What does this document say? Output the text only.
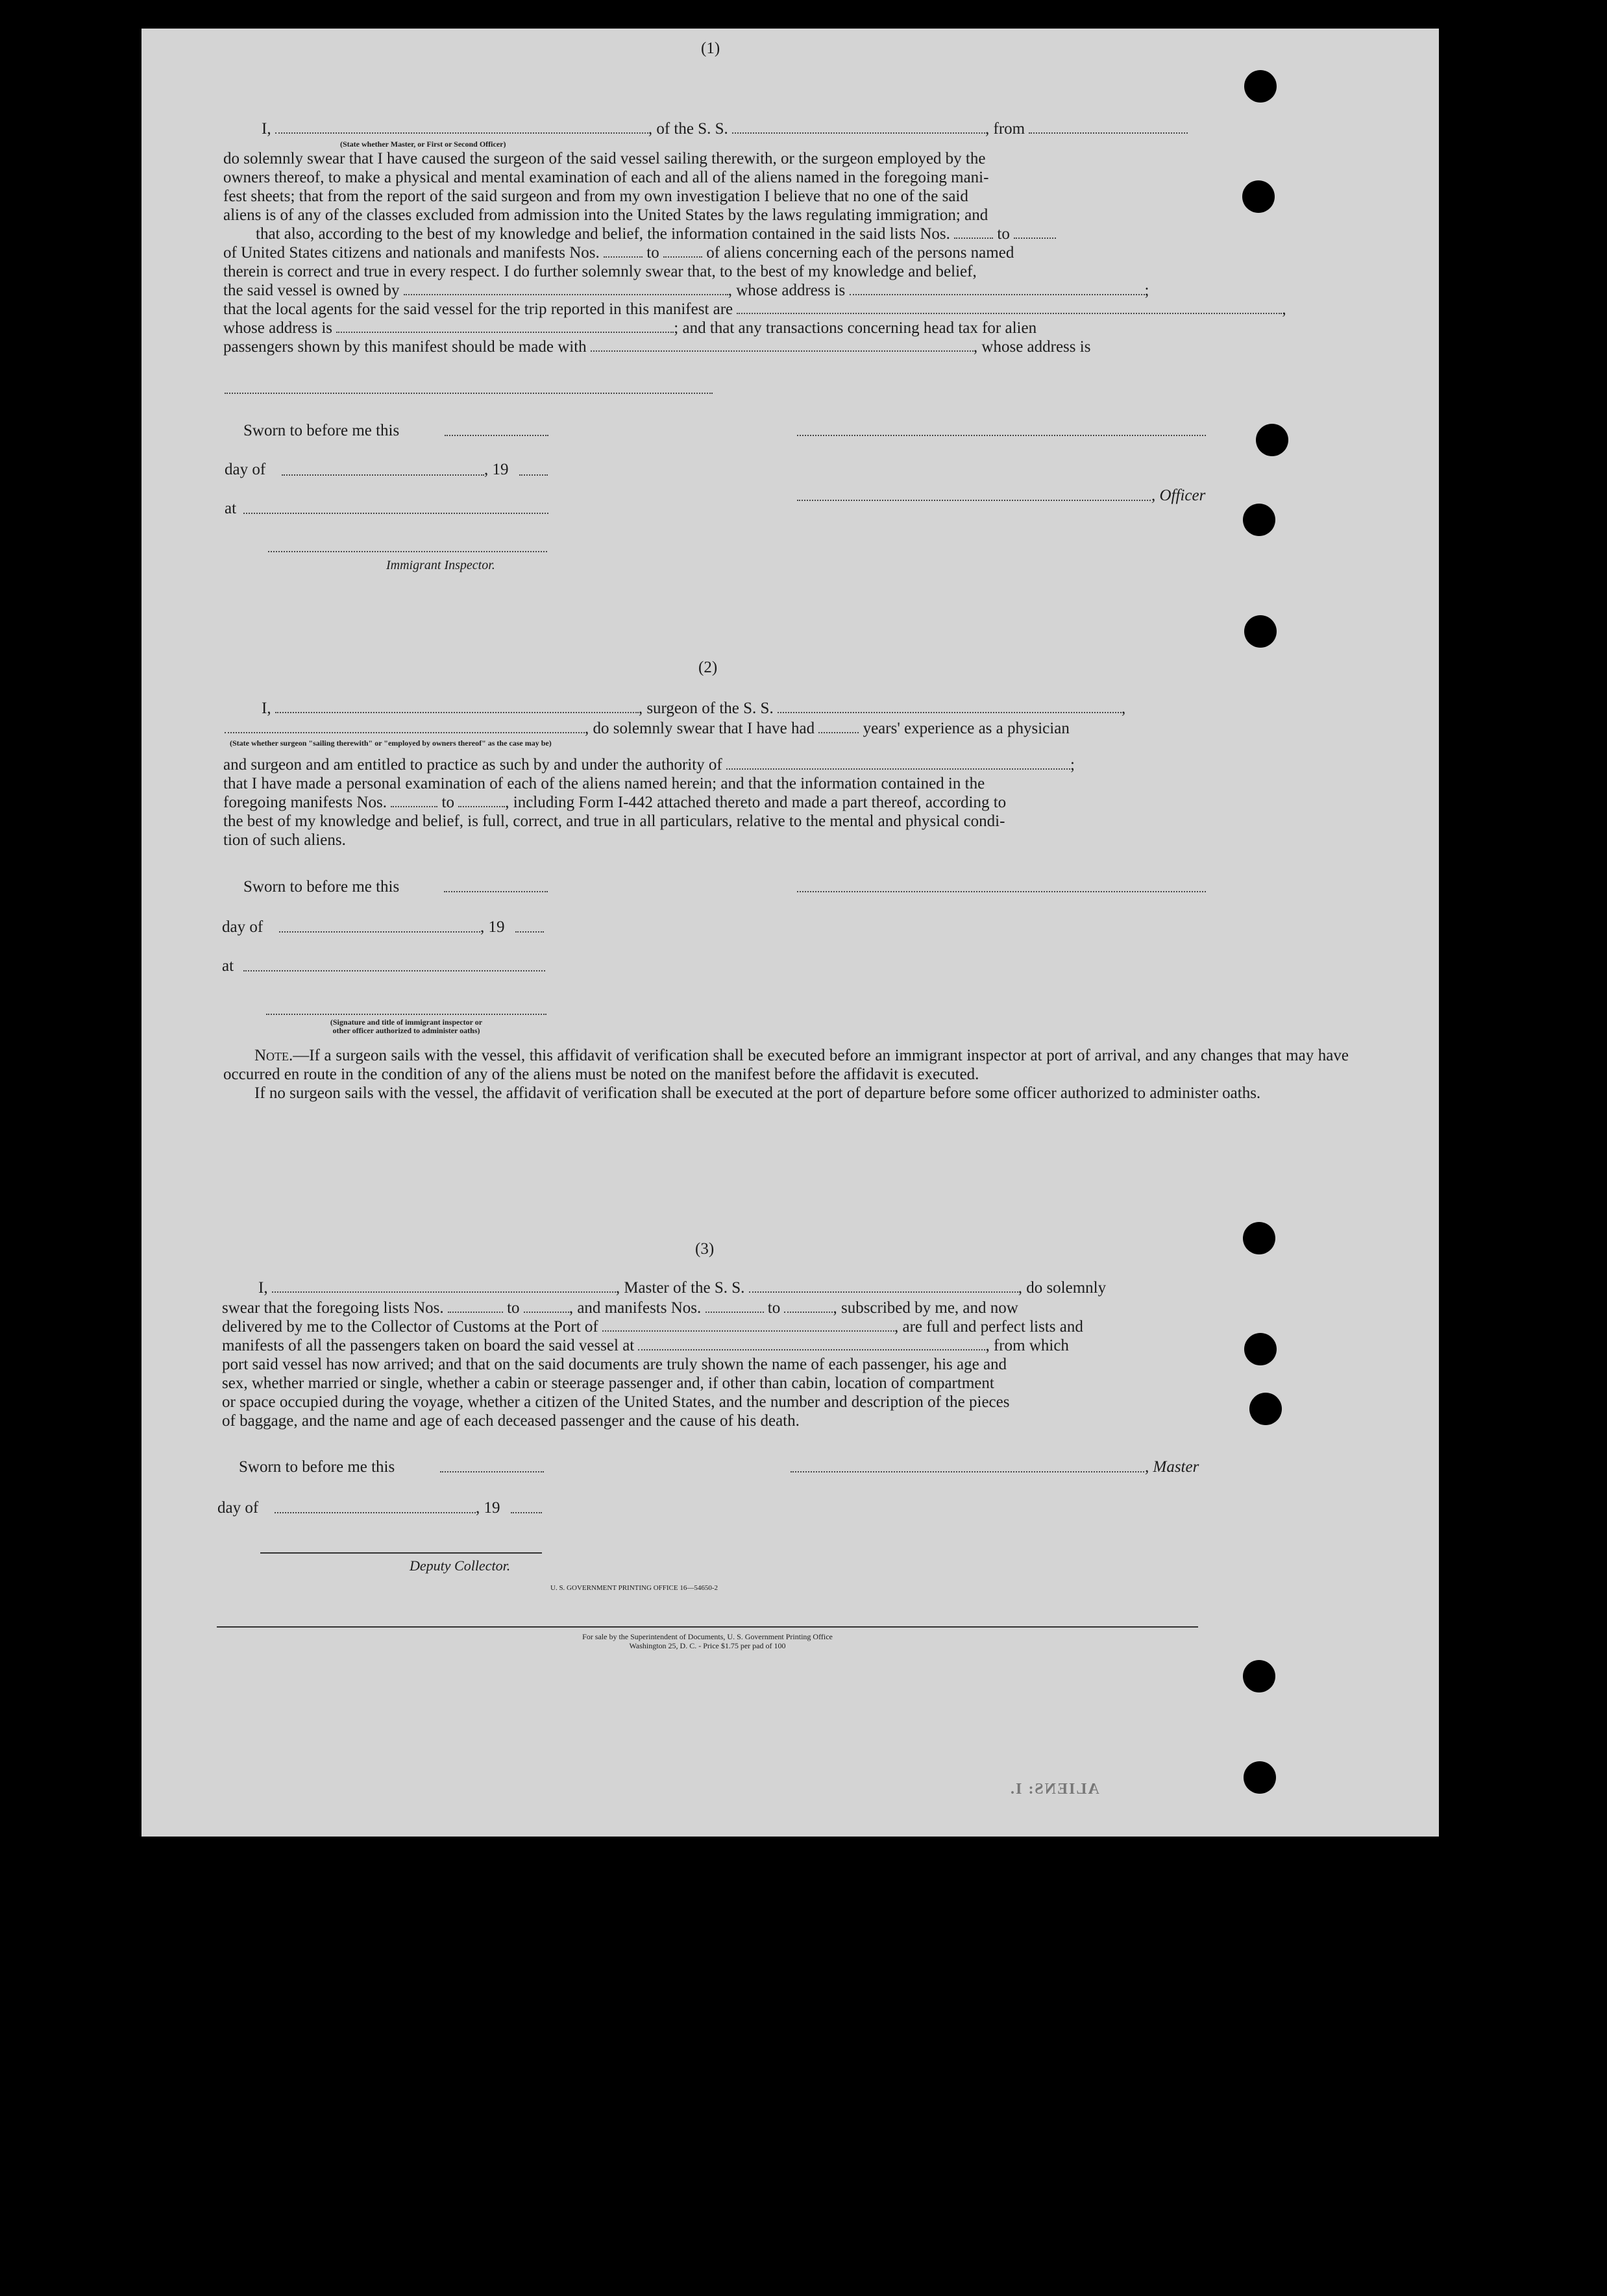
(1)
I,	, of the S. S.	, from
(State whether Master, or First or Second Officer)

do solemnly swear that I have caused the surgeon of the said vessel sailing therewith, or the surgeon employed by the

owners thereof, to make a physical and mental examination of each and all of the aliens named in the foregoing mani-

fest sheets; that from the report of the said surgeon and from my own investigation I believe that no one of the said

aliens is of any of the classes excluded from admission into the United States by the laws regulating immigration; and

that also, according to the best of my knowledge and belief, the information contained in the said lists Nos.	to

of United States citizens and nationals and manifests Nos.	to	of aliens concerning each of the persons named

therein is correct and true in every respect. I do further solemnly swear that, to the best of my knowledge and belief,

the said vessel is owned by	, whose address is	;

that the local agents for the said vessel for the trip reported in this manifest are	,

whose address is	; and that any transactions concerning head tax for alien

passengers shown by this manifest should be made with	, whose address is

Sworn to before me this
day of	, 19
, Officer
at
Immigrant Inspector.
(2)
I,	, surgeon of the S. S.	,
, do solemnly swear that I have had	years' experience as a physician
(State whether surgeon "sailing therewith" or "employed by owners thereof" as the case may be)

and surgeon and am entitled to practice as such by and under the authority of	;

that I have made a personal examination of each of the aliens named herein; and that the information contained in the

foregoing manifests Nos.	to	, including Form I-442 attached thereto and made a part thereof, according to

the best of my knowledge and belief, is full, correct, and true in all particulars, relative to the mental and physical condi-

tion of such aliens.

Sworn to before me this
day of	, 19
at
(Signature and title of immigrant inspector or
other officer authorized to administer oaths)

Note.—If a surgeon sails with the vessel, this affidavit of verification shall be executed before an immigrant inspector at port of arrival, and any changes that may have occurred en route in the condition of any of the aliens must be noted on the manifest before the affidavit is executed.

If no surgeon sails with the vessel, the affidavit of verification shall be executed at the port of departure before some officer authorized to administer oaths.

(3)
I,	, Master of the S. S.	, do solemnly

swear that the foregoing lists Nos.	to	, and manifests Nos.	to	, subscribed by me, and now

delivered by me to the Collector of Customs at the Port of	, are full and perfect lists and

manifests of all the passengers taken on board the said vessel at	, from which

port said vessel has now arrived; and that on the said documents are truly shown the name of each passenger, his age and

sex, whether married or single, whether a cabin or steerage passenger and, if other than cabin, location of compartment

or space occupied during the voyage, whether a citizen of the United States, and the number and description of the pieces

of baggage, and the name and age of each deceased passenger and the cause of his death.

Sworn to before me this	, Master
day of	, 19
Deputy Collector.
U. S. GOVERNMENT PRINTING OFFICE 16—54650-2
For sale by the Superintendent of Documents, U. S. Government Printing Office
Washington 25, D. C. - Price $1.75 per pad of 100
ALIENS: I.
